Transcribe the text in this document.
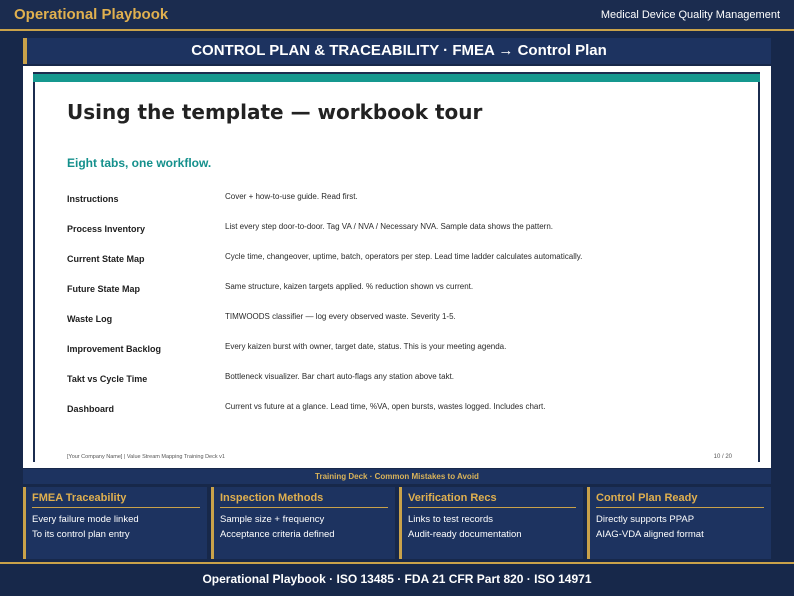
Operational Playbook	Medical Device Quality Management
CONTROL PLAN & TRACEABILITY · FMEA → Control Plan
Using the template — workbook tour
Eight tabs, one workflow.
Instructions	Cover + how-to-use guide. Read first.
Process Inventory	List every step door-to-door. Tag VA / NVA / Necessary NVA. Sample data shows the pattern.
Current State Map	Cycle time, changeover, uptime, batch, operators per step. Lead time ladder calculates automatically.
Future State Map	Same structure, kaizen targets applied. % reduction shown vs current.
Waste Log	TIMWOODS classifier — log every observed waste. Severity 1-5.
Improvement Backlog	Every kaizen burst with owner, target date, status. This is your meeting agenda.
Takt vs Cycle Time	Bottleneck visualizer. Bar chart auto-flags any station above takt.
Dashboard	Current vs future at a glance. Lead time, %VA, open bursts, wastes logged. Includes chart.
[Your Company Name] | Value Stream Mapping Training Deck v1	10 / 20
Training Deck · Common Mistakes to Avoid
FMEA Traceability
Every failure mode linked
To its control plan entry
Inspection Methods
Sample size + frequency
Acceptance criteria defined
Verification Recs
Links to test records
Audit-ready documentation
Control Plan Ready
Directly supports PPAP
AIAG-VDA aligned format
Operational Playbook · ISO 13485 · FDA 21 CFR Part 820 · ISO 14971
